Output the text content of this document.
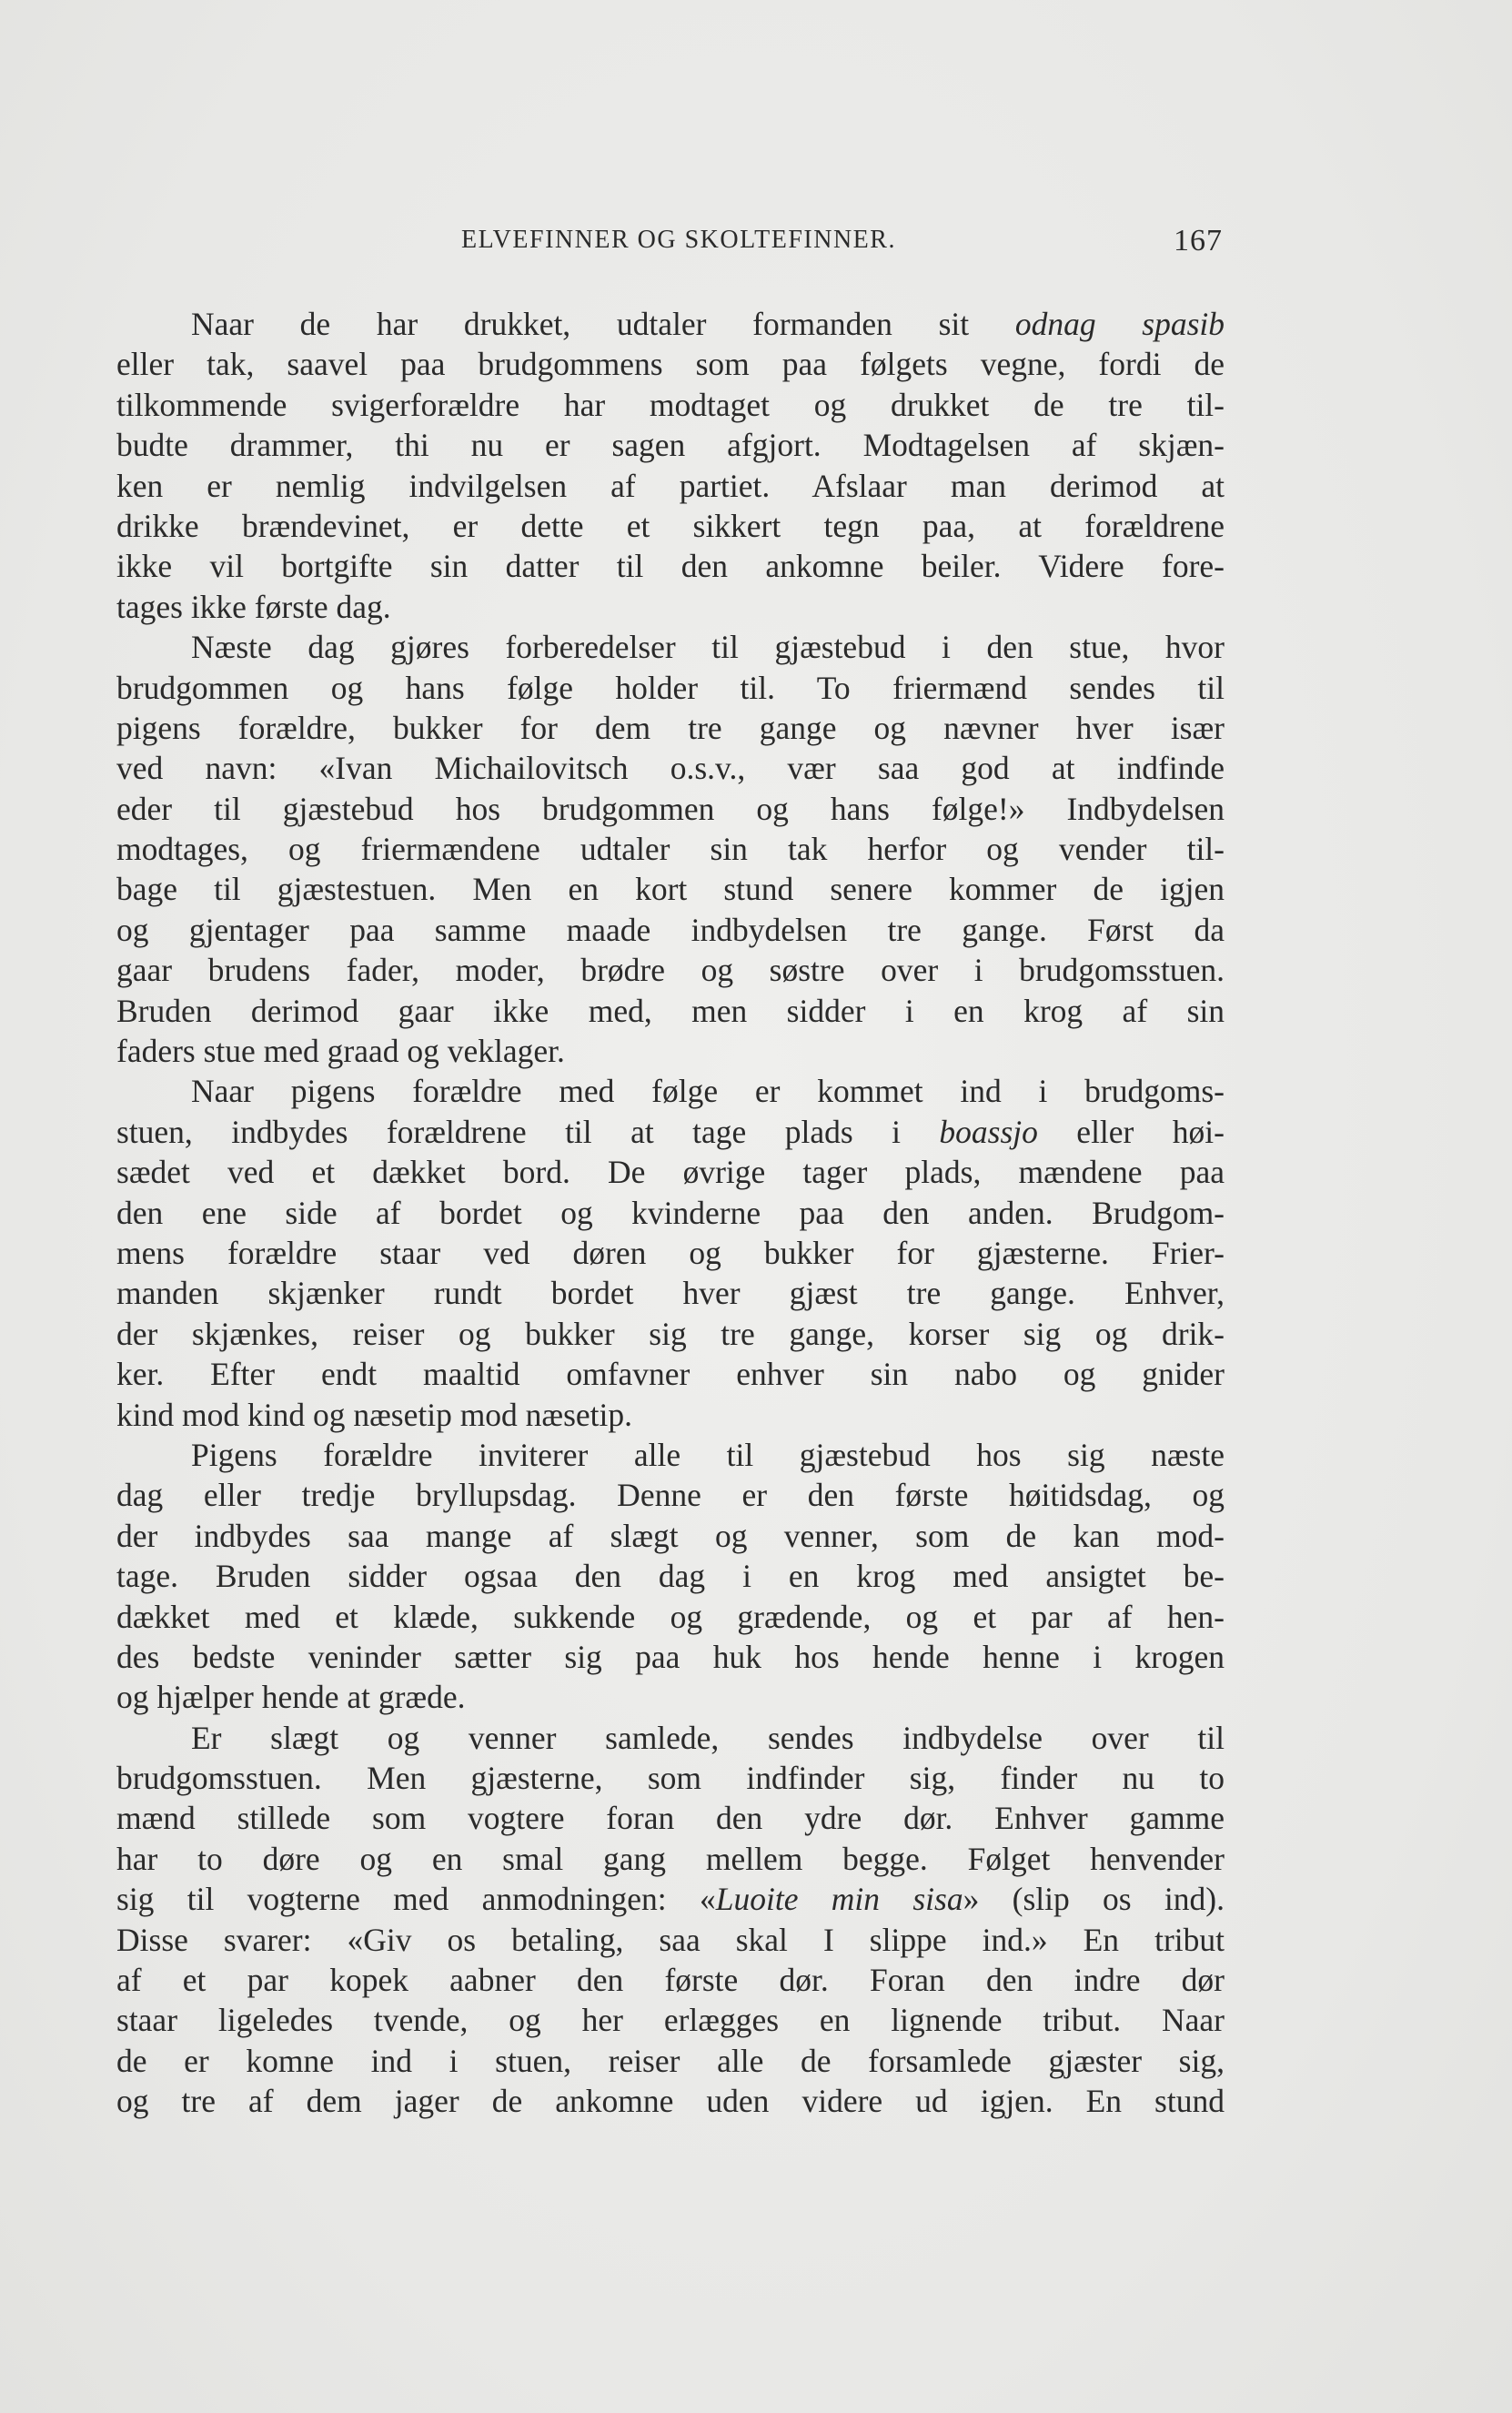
ELVEFINNER OG SKOLTEFINNER.	167
Naar de har drukket, udtaler formanden sit odnag spasib
eller tak, saavel paa brudgommens som paa følgets vegne, fordi de
tilkommende svigerforældre har modtaget og drukket de tre til-
budte drammer, thi nu er sagen afgjort. Modtagelsen af skjæn-
ken er nemlig indvilgelsen af partiet. Afslaar man derimod at
drikke brændevinet, er dette et sikkert tegn paa, at forældrene
ikke vil bortgifte sin datter til den ankomne beiler. Videre fore-
tages ikke første dag.
Næste dag gjøres forberedelser til gjæstebud i den stue, hvor
brudgommen og hans følge holder til. To friermænd sendes til
pigens forældre, bukker for dem tre gange og nævner hver især
ved navn: «Ivan Michailovitsch o.s.v., vær saa god at indfinde
eder til gjæstebud hos brudgommen og hans følge!» Indbydelsen
modtages, og friermændene udtaler sin tak herfor og vender til-
bage til gjæstestuen. Men en kort stund senere kommer de igjen
og gjentager paa samme maade indbydelsen tre gange. Først da
gaar brudens fader, moder, brødre og søstre over i brudgomsstuen.
Bruden derimod gaar ikke med, men sidder i en krog af sin
faders stue med graad og veklager.
Naar pigens forældre med følge er kommet ind i brudgoms-
stuen, indbydes forældrene til at tage plads i boassjo eller høi-
sædet ved et dækket bord. De øvrige tager plads, mændene paa
den ene side af bordet og kvinderne paa den anden. Brudgom-
mens forældre staar ved døren og bukker for gjæsterne. Frier-
manden skjænker rundt bordet hver gjæst tre gange. Enhver,
der skjænkes, reiser og bukker sig tre gange, korser sig og drik-
ker. Efter endt maaltid omfavner enhver sin nabo og gnider
kind mod kind og næsetip mod næsetip.
Pigens forældre inviterer alle til gjæstebud hos sig næste
dag eller tredje bryllupsdag. Denne er den første høitidsdag, og
der indbydes saa mange af slægt og venner, som de kan mod-
tage. Bruden sidder ogsaa den dag i en krog med ansigtet be-
dækket med et klæde, sukkende og grædende, og et par af hen-
des bedste veninder sætter sig paa huk hos hende henne i krogen
og hjælper hende at græde.
Er slægt og venner samlede, sendes indbydelse over til
brudgomsstuen. Men gjæsterne, som indfinder sig, finder nu to
mænd stillede som vogtere foran den ydre dør. Enhver gamme
har to døre og en smal gang mellem begge. Følget henvender
sig til vogterne med anmodningen: «Luoite min sisa» (slip os ind).
Disse svarer: «Giv os betaling, saa skal I slippe ind.» En tribut
af et par kopek aabner den første dør. Foran den indre dør
staar ligeledes tvende, og her erlægges en lignende tribut. Naar
de er komne ind i stuen, reiser alle de forsamlede gjæster sig,
og tre af dem jager de ankomne uden videre ud igjen. En stund
